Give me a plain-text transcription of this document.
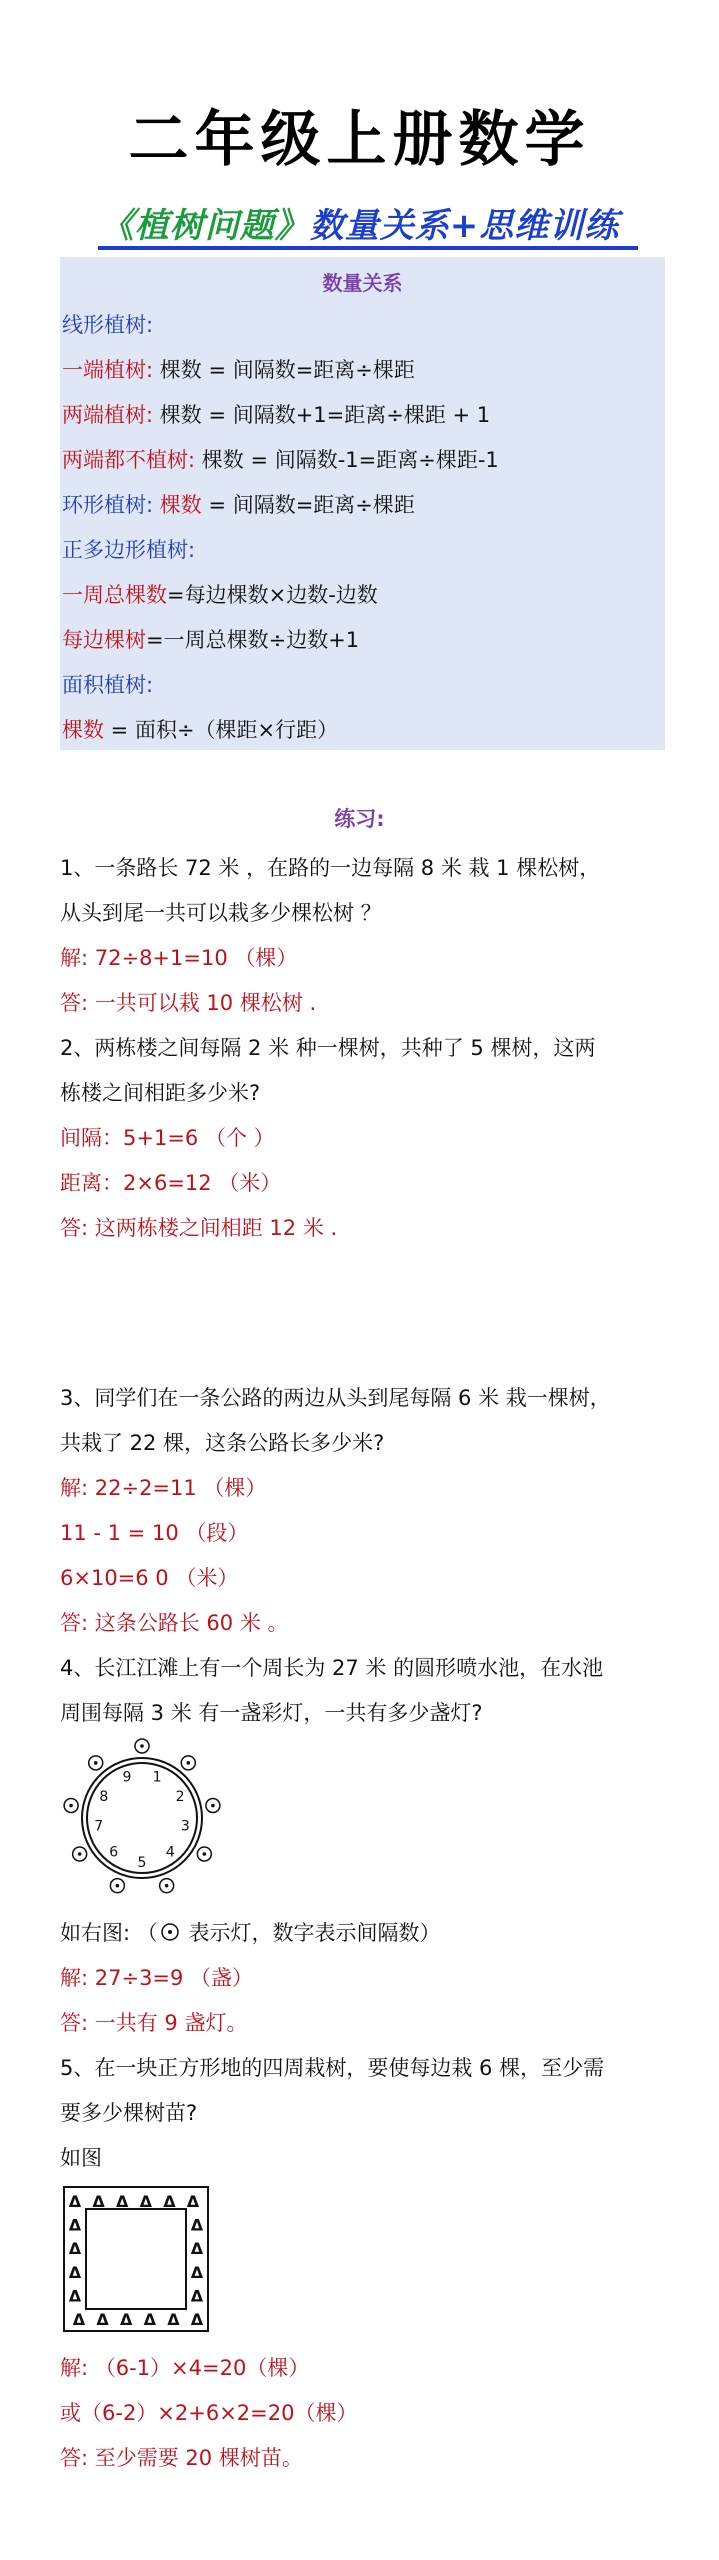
二年级上册数学
《植树问题》数量关系+思维训练
数量关系
线形植树:
一端植树: 棵数 = 间隔数=距离÷棵距
两端植树: 棵数 = 间隔数+1=距离÷棵距 + 1
两端都不植树: 棵数 = 间隔数-1=距离÷棵距-1
环形植树: 棵数 = 间隔数=距离÷棵距
正多边形植树:
一周总棵数=每边棵数×边数-边数
每边棵树=一周总棵数÷边数+1
面积植树:
棵数 = 面积÷（棵距×行距）
练习:
1、一条路长 72 米 ，在路的一边每隔 8 米 栽 1 棵松树，
从头到尾一共可以栽多少棵松树 ？
解: 72÷8+1=10 （棵）
答: 一共可以栽 10 棵松树 .
2、两栋楼之间每隔 2 米 种一棵树，共种了 5 棵树，这两
栋楼之间相距多少米?
间隔：5+1=6 （个 ）
距离：2×6=12 （米）
答: 这两栋楼之间相距 12 米 .
3、同学们在一条公路的两边从头到尾每隔 6 米 栽一棵树，
共栽了 22 棵，这条公路长多少米?
解: 22÷2=11 （棵）
11 - 1 = 10 （段）
6×10=6 0 （米）
答: 这条公路长 60 米 。
4、长江江滩上有一个周长为 27 米 的圆形喷水池，在水池
周围每隔 3 米 有一盏彩灯，一共有多少盏灯?
1
2
3
4
5
6
7
8
9
如右图: （ 表示灯，数字表示间隔数）
解: 27÷3=9 （盏）
答: 一共有 9 盏灯。
5、在一块正方形地的四周栽树，要使每边栽 6 棵，至少需
要多少棵树苗?
如图
Δ Δ Δ Δ Δ Δ
Δ
Δ
Δ
Δ
Δ
Δ
Δ
Δ
Δ
Δ
Δ
Δ
Δ
Δ
解: （6-1）×4=20（棵）
或（6-2）×2+6×2=20（棵）
答: 至少需要 20 棵树苗。
